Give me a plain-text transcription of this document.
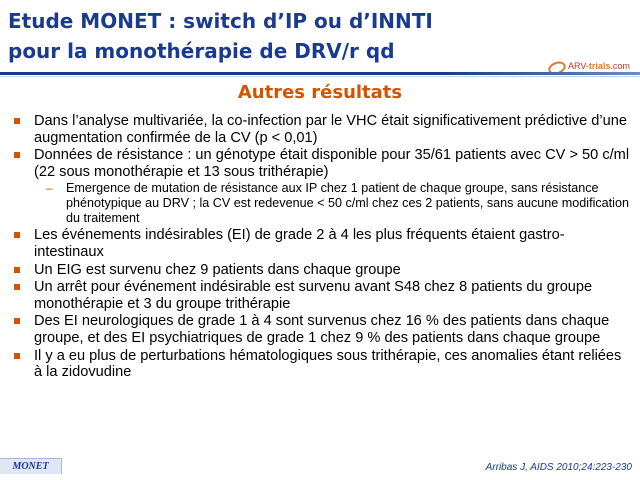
Etude MONET : switch d’IP ou d’INNTI
pour la monothérapie de DRV/r qd
ARV-trials.com
Autres résultats
Dans l’analyse multivariée, la co-infection par le VHC était significativement prédictive d’une augmentation confirmée de la CV (p < 0,01)
Données de résistance : un génotype était disponible pour 35/61 patients avec CV > 50 c/ml (22 sous monothérapie et 13 sous trithérapie)
– Emergence de mutation de résistance aux IP chez 1 patient de chaque groupe, sans résistance phénotypique au DRV ; la CV est redevenue < 50 c/ml chez ces 2 patients, sans aucune modification du traitement
Les événements indésirables (EI) de grade 2 à 4 les plus fréquents étaient gastro-intestinaux
Un EIG est survenu chez 9 patients dans chaque groupe
Un arrêt pour événement indésirable est survenu avant S48 chez 8 patients du groupe monothérapie et 3 du groupe trithérapie
Des EI neurologiques de grade 1 à 4 sont survenus chez 16 % des patients dans chaque groupe, et des EI psychiatriques de grade 1 chez 9 % des patients dans chaque groupe
Il y a eu plus de perturbations hématologiques sous trithérapie, ces anomalies étant reliées à la zidovudine
MONET	Arribas J, AIDS 2010;24:223-230
